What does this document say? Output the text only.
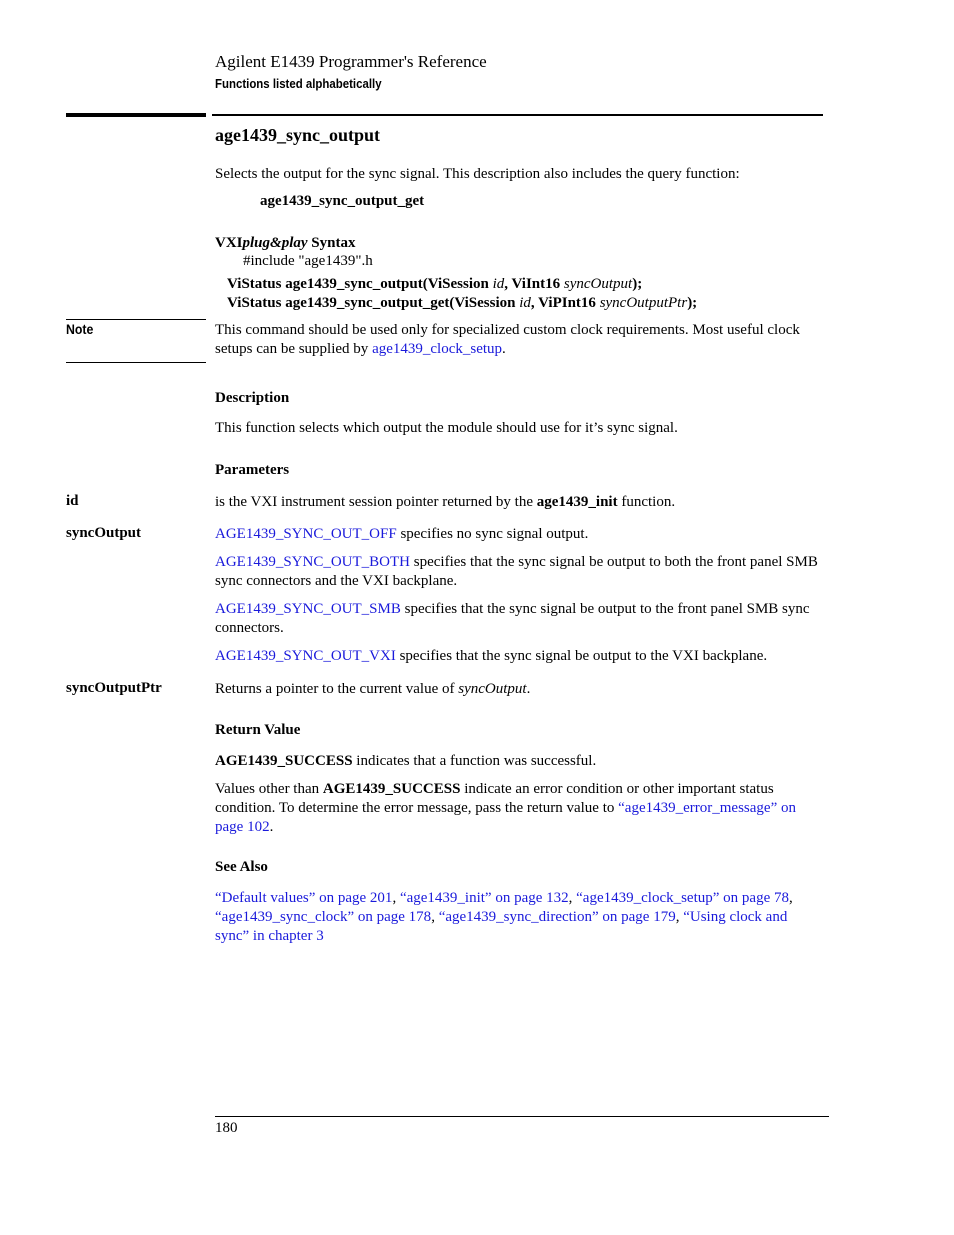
Agilent E1439 Programmer's Reference
Functions listed alphabetically
age1439_sync_output
Selects the output for the sync signal. This description also includes the query function:
age1439_sync_output_get
VXIplug&play Syntax
#include "age1439".h
ViStatus age1439_sync_output(ViSession id, ViInt16 syncOutput);
ViStatus age1439_sync_output_get(ViSession id, ViPInt16 syncOutputPtr);
Note	This command should be used only for specialized custom clock requirements. Most useful clock setups can be supplied by age1439_clock_setup.
Description
This function selects which output the module should use for it’s sync signal.
Parameters
id	is the VXI instrument session pointer returned by the age1439_init function.
syncOutput	AGE1439_SYNC_OUT_OFF specifies no sync signal output.
AGE1439_SYNC_OUT_BOTH specifies that the sync signal be output to both the front panel SMB sync connectors and the VXI backplane.
AGE1439_SYNC_OUT_SMB specifies that the sync signal be output to the front panel SMB sync connectors.
AGE1439_SYNC_OUT_VXI specifies that the sync signal be output to the VXI backplane.
syncOutputPtr	Returns a pointer to the current value of syncOutput.
Return Value
AGE1439_SUCCESS indicates that a function was successful.
Values other than AGE1439_SUCCESS indicate an error condition or other important status condition. To determine the error message, pass the return value to “age1439_error_message” on page 102.
See Also
“Default values” on page 201, “age1439_init” on page 132, “age1439_clock_setup” on page 78, “age1439_sync_clock” on page 178, “age1439_sync_direction” on page 179, “Using clock and sync” in chapter 3
180
